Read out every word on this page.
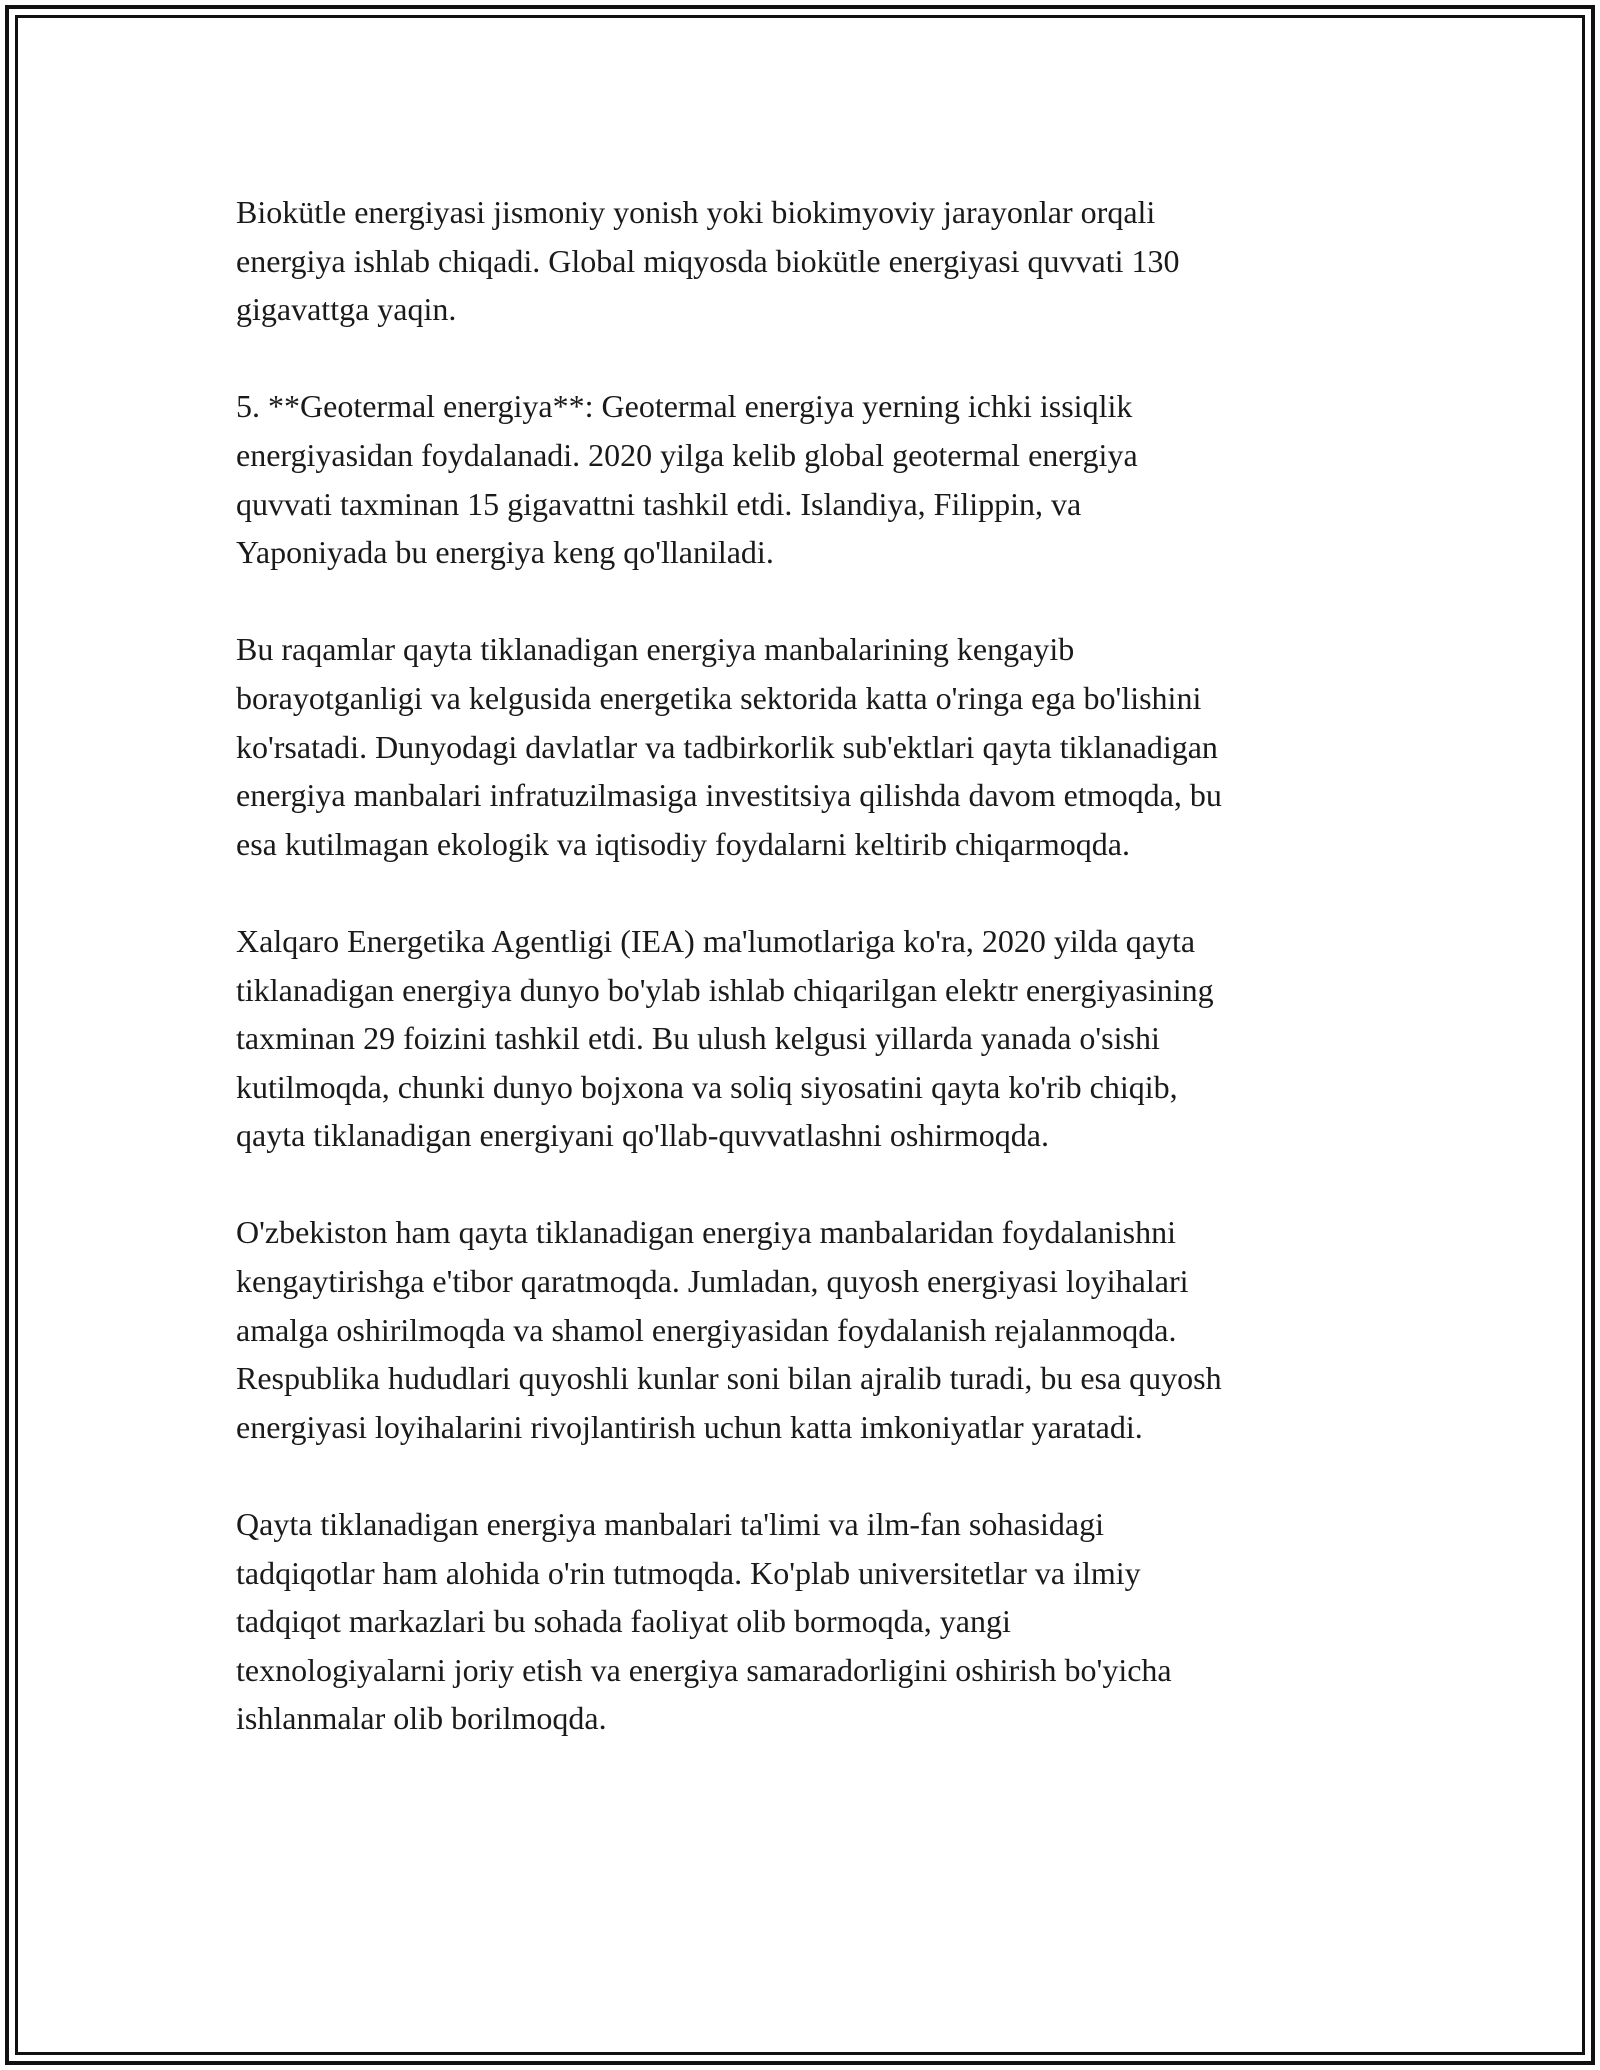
Biokütle energiyasi jismoniy yonish yoki biokimyoviy jarayonlar orqali
energiya ishlab chiqadi. Global miqyosda biokütle energiyasi quvvati 130
gigavattga yaqin.

5. **Geotermal energiya**: Geotermal energiya yerning ichki issiqlik
energiyasidan foydalanadi. 2020 yilga kelib global geotermal energiya
quvvati taxminan 15 gigavattni tashkil etdi. Islandiya, Filippin, va
Yaponiyada bu energiya keng qo'llaniladi.

Bu raqamlar qayta tiklanadigan energiya manbalarining kengayib
borayotganligi va kelgusida energetika sektorida katta o'ringa ega bo'lishini
ko'rsatadi. Dunyodagi davlatlar va tadbirkorlik sub'ektlari qayta tiklanadigan
energiya manbalari infratuzilmasiga investitsiya qilishda davom etmoqda, bu
esa kutilmagan ekologik va iqtisodiy foydalarni keltirib chiqarmoqda.

Xalqaro Energetika Agentligi (IEA) ma'lumotlariga ko'ra, 2020 yilda qayta
tiklanadigan energiya dunyo bo'ylab ishlab chiqarilgan elektr energiyasining
taxminan 29 foizini tashkil etdi. Bu ulush kelgusi yillarda yanada o'sishi
kutilmoqda, chunki dunyo bojxona va soliq siyosatini qayta ko'rib chiqib,
qayta tiklanadigan energiyani qo'llab-quvvatlashni oshirmoqda.

O'zbekiston ham qayta tiklanadigan energiya manbalaridan foydalanishni
kengaytirishga e'tibor qaratmoqda. Jumladan, quyosh energiyasi loyihalari
amalga oshirilmoqda va shamol energiyasidan foydalanish rejalanmoqda.
Respublika hududlari quyoshli kunlar soni bilan ajralib turadi, bu esa quyosh
energiyasi loyihalarini rivojlantirish uchun katta imkoniyatlar yaratadi.

Qayta tiklanadigan energiya manbalari ta'limi va ilm-fan sohasidagi
tadqiqotlar ham alohida o'rin tutmoqda. Ko'plab universitetlar va ilmiy
tadqiqot markazlari bu sohada faoliyat olib bormoqda, yangi
texnologiyalarni joriy etish va energiya samaradorligini oshirish bo'yicha
ishlanmalar olib borilmoqda.
